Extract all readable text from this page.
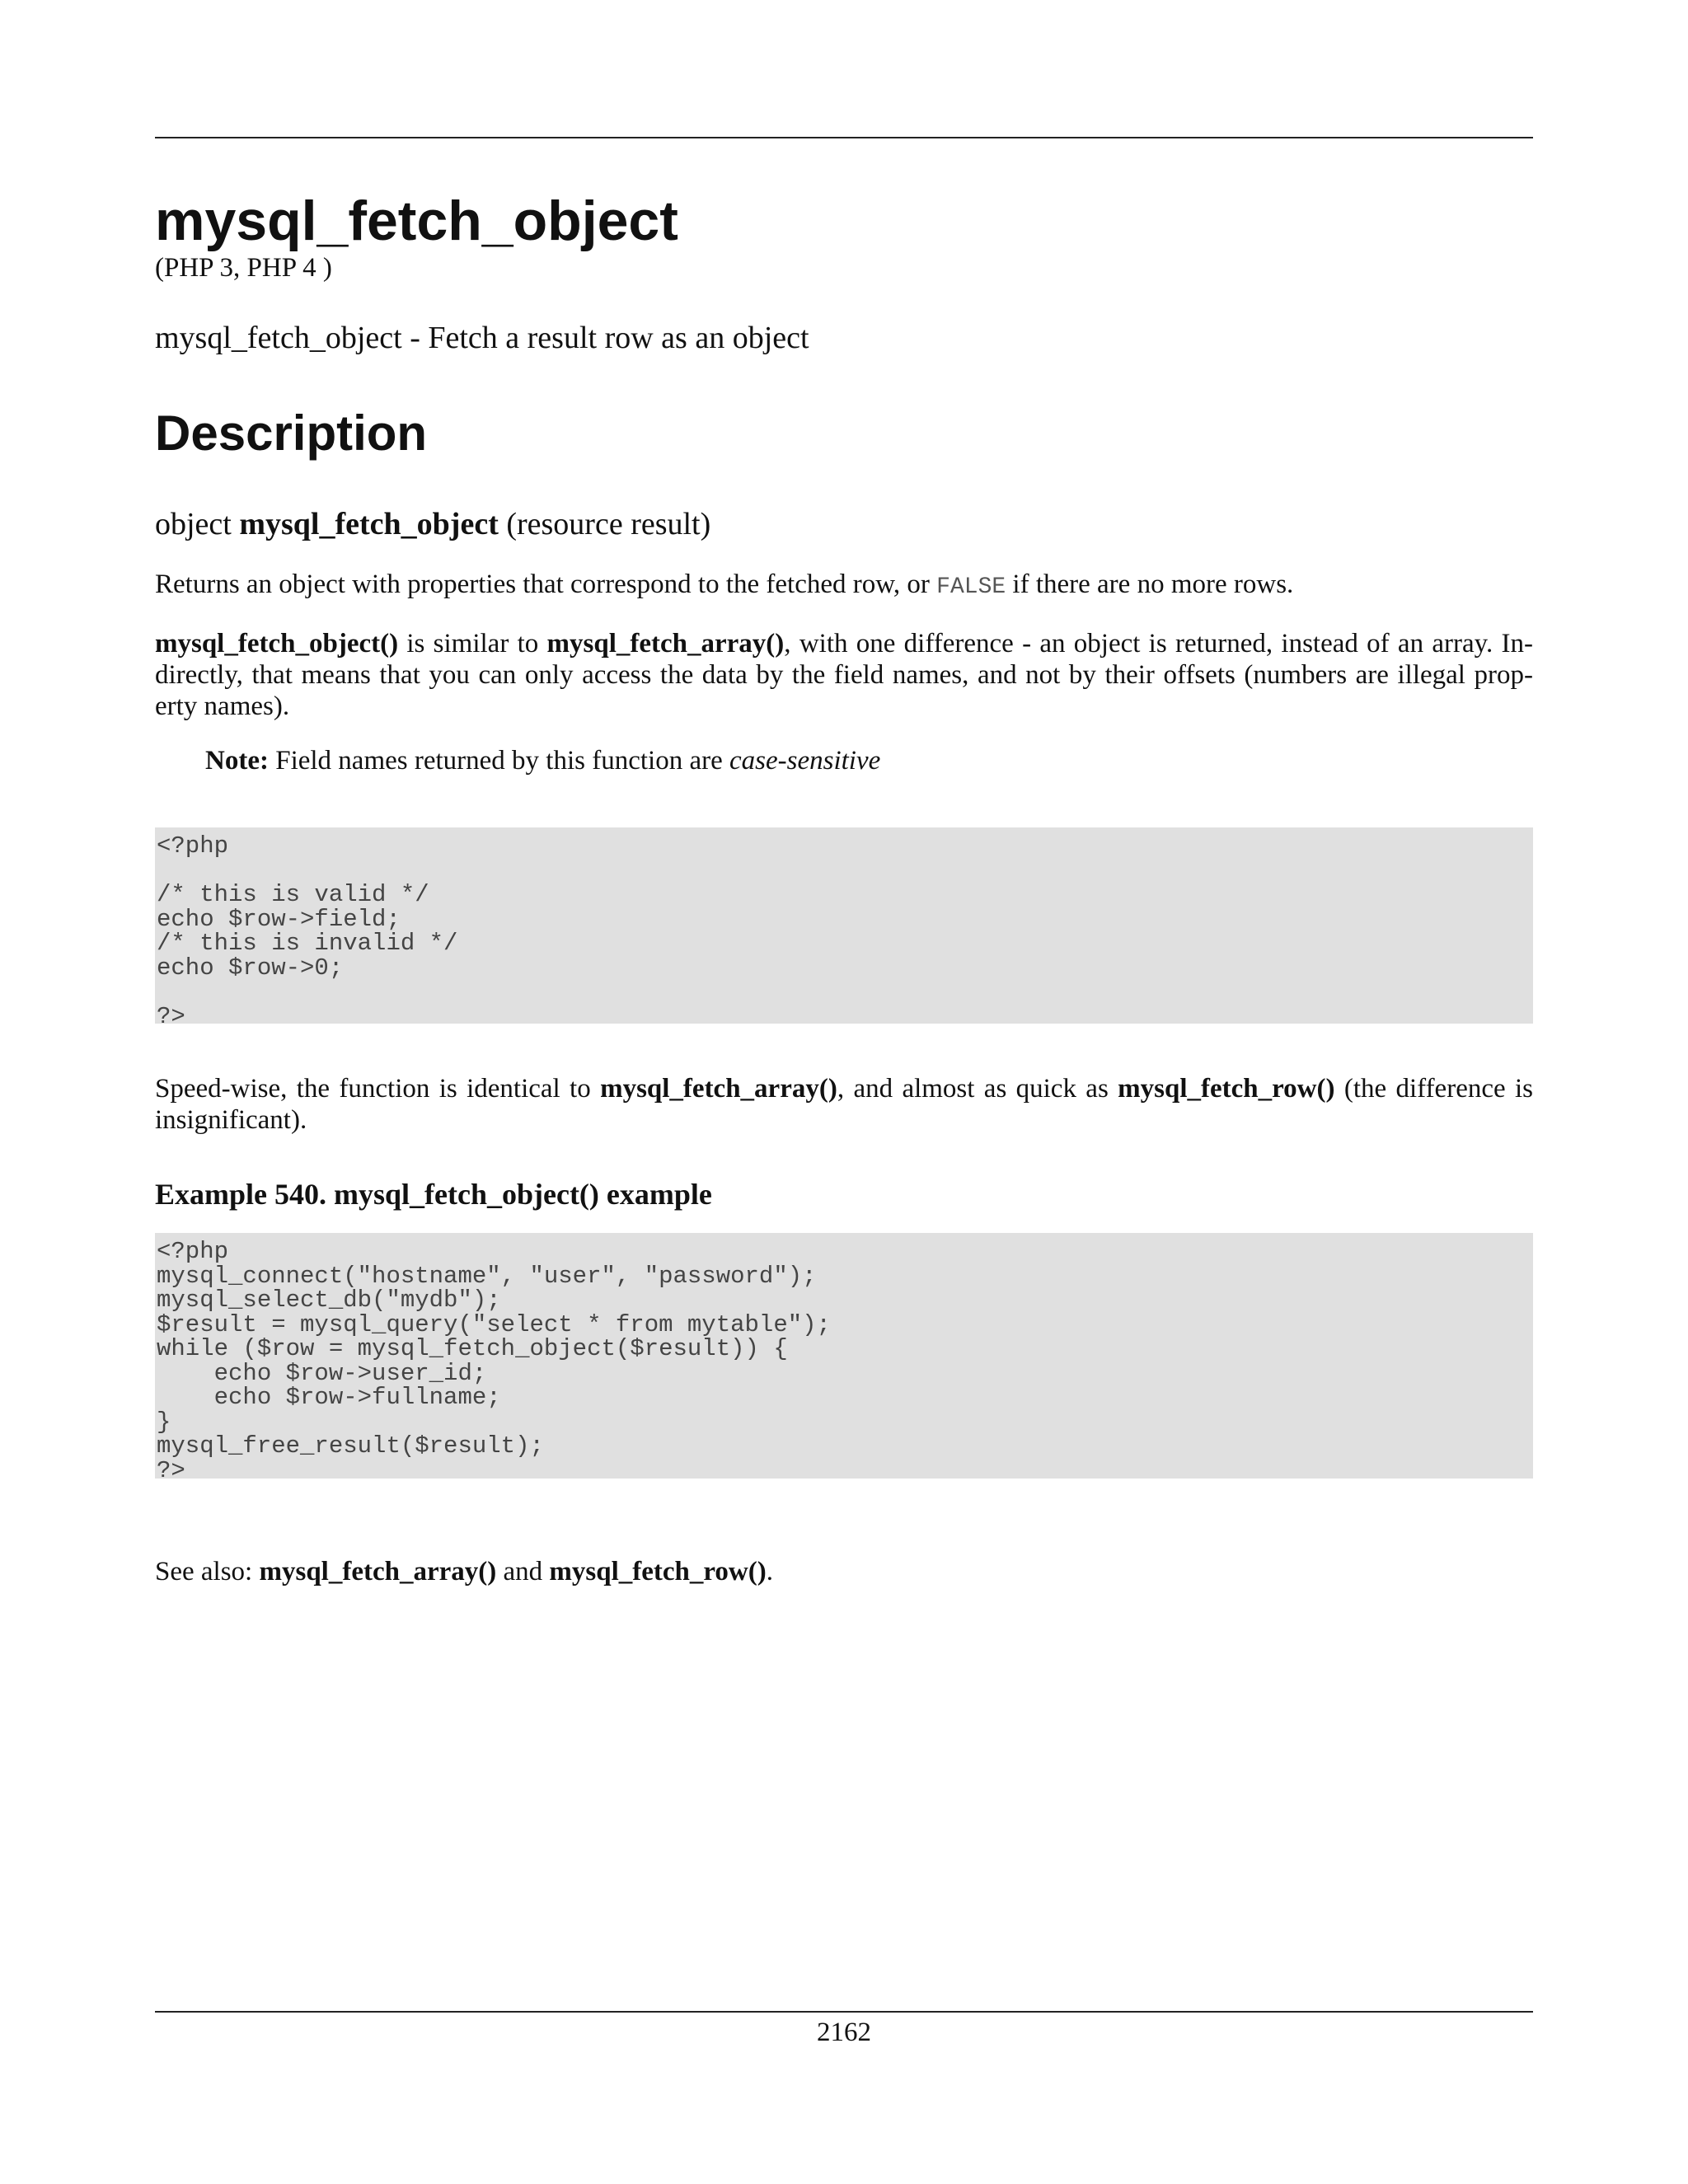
mysql_fetch_object

(PHP 3, PHP 4 )

mysql_fetch_object - Fetch a result row as an object

Description

object mysql_fetch_object (resource result)

Returns an object with properties that correspond to the fetched row, or FALSE if there are no more rows.

mysql_fetch_object() is similar to mysql_fetch_array(), with one difference - an object is returned, instead of an array. In-directly, that means that you can only access the data by the field names, and not by their offsets (numbers are illegal prop-erty names).

Note: Field names returned by this function are case-sensitive

<?php

/* this is valid */
echo $row->field;
/* this is invalid */
echo $row->0;

?>

Speed-wise, the function is identical to mysql_fetch_array(), and almost as quick as mysql_fetch_row() (the difference is insignificant).

Example 540. mysql_fetch_object() example

<?php
mysql_connect("hostname", "user", "password");
mysql_select_db("mydb");
$result = mysql_query("select * from mytable");
while ($row = mysql_fetch_object($result)) {
echo $row->user_id;
echo $row->fullname;
}
mysql_free_result($result);
?>

See also: mysql_fetch_array() and mysql_fetch_row().

2162
